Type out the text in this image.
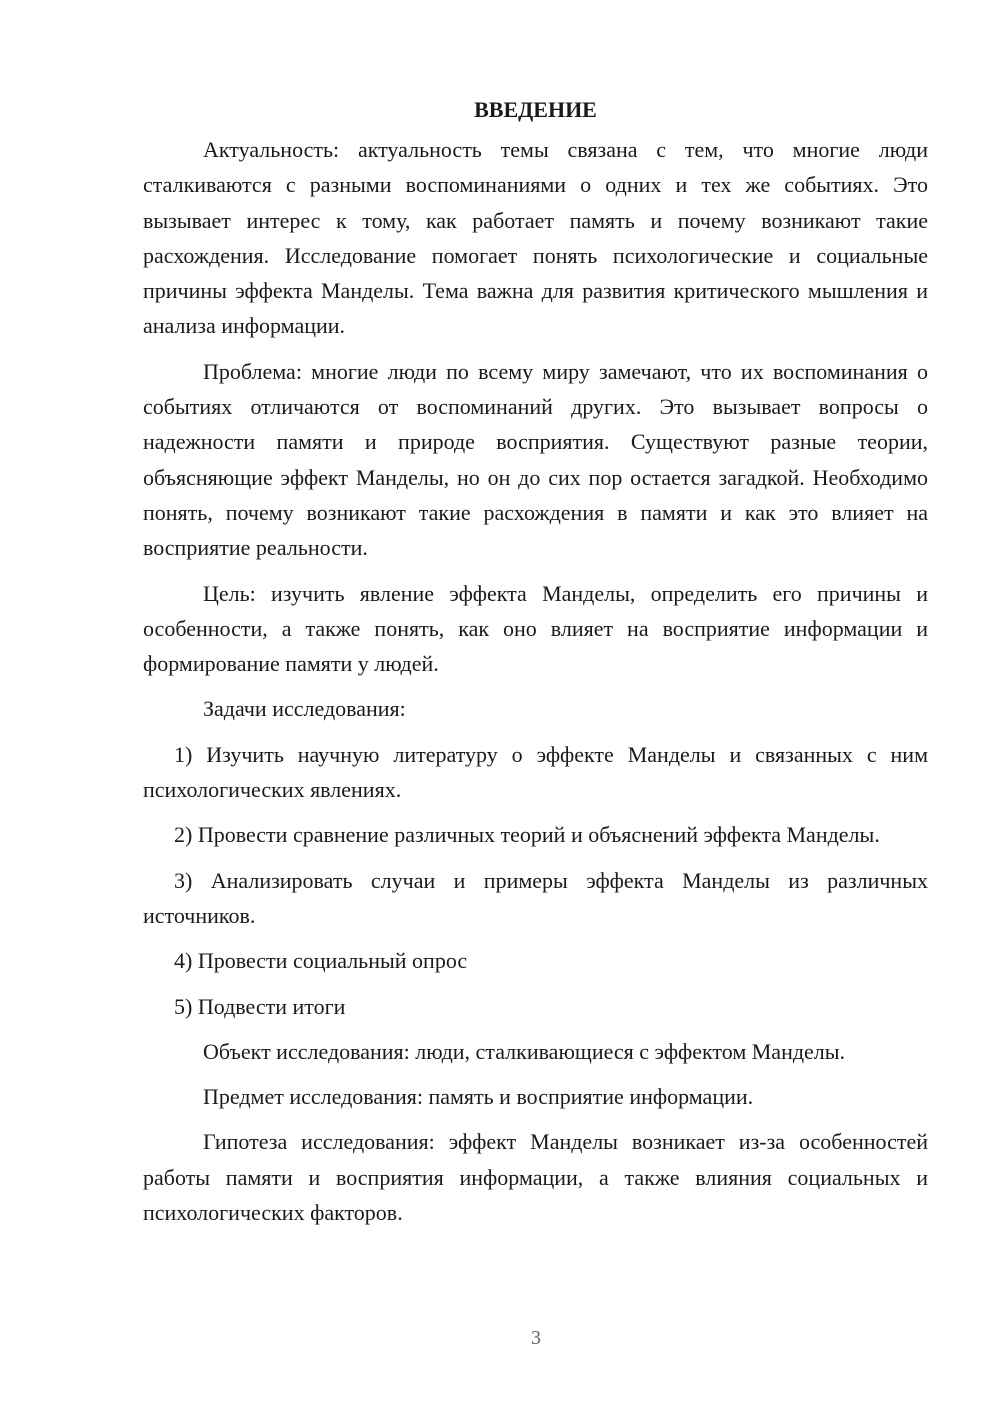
ВВЕДЕНИЕ

Актуальность: актуальность темы связана с тем, что многие люди сталкиваются с разными воспоминаниями о одних и тех же событиях. Это вызывает интерес к тому, как работает память и почему возникают такие расхождения. Исследование помогает понять психологические и социальные причины эффекта Манделы. Тема важна для развития критического мышления и анализа информации.

Проблема: многие люди по всему миру замечают, что их воспоминания о событиях отличаются от воспоминаний других. Это вызывает вопросы о надежности памяти и природе восприятия. Существуют разные теории, объясняющие эффект Манделы, но он до сих пор остается загадкой. Необходимо понять, почему возникают такие расхождения в памяти и как это влияет на восприятие реальности.

Цель: изучить явление эффекта Манделы, определить его причины и особенности, а также понять, как оно влияет на восприятие информации и формирование памяти у людей.

Задачи исследования:

1) Изучить научную литературу о эффекте Манделы и связанных с ним психологических явлениях.

2) Провести сравнение различных теорий и объяснений эффекта Манделы.

3) Анализировать случаи и примеры эффекта Манделы из различных источников.

4) Провести социальный опрос

5) Подвести итоги

Объект исследования: люди, сталкивающиеся с эффектом Манделы.

Предмет исследования: память и восприятие информации.

Гипотеза исследования: эффект Манделы возникает из-за особенностей работы памяти и восприятия информации, а также влияния социальных и психологических факторов.

3
